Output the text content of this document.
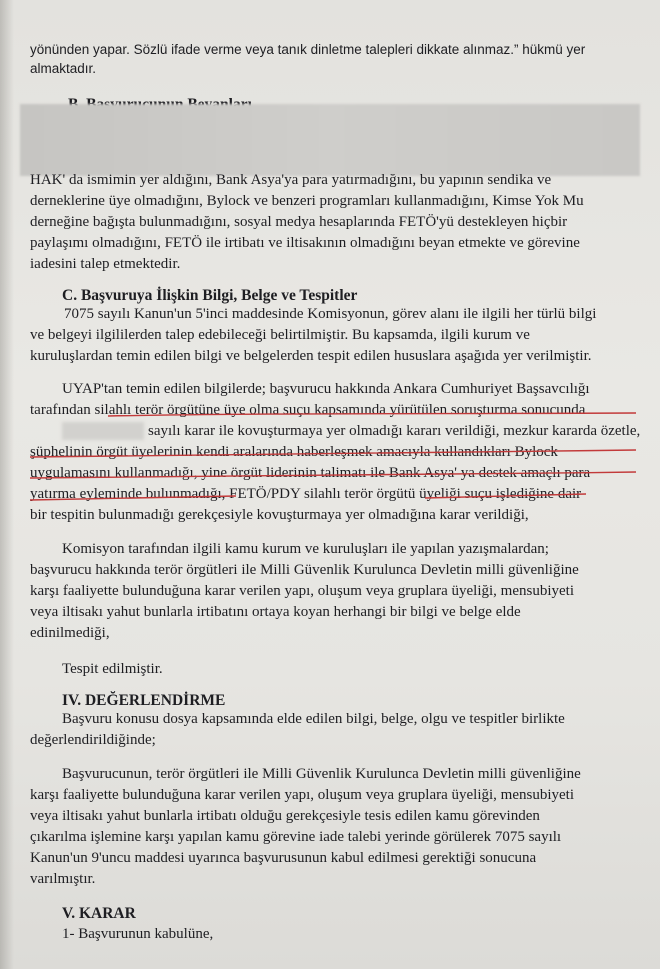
yönünden yapar. Sözlü ifade verme veya tanık dinletme talepleri dikkate alınmaz.” hükmü yer
almaktadır.
HAK' da ismimin yer aldığını, Bank Asya'ya para yatırmadığını, bu yapının sendika ve
derneklerine üye olmadığını, Bylock ve benzeri programları kullanmadığını, Kimse Yok Mu
derneğine bağışta bulunmadığını, sosyal medya hesaplarında FETÖ'yü destekleyen hiçbir
paylaşımı olmadığını, FETÖ ile irtibatı ve iltisakının olmadığını beyan etmekte ve görevine
iadesini talep etmektedir.
C. Başvuruya İlişkin Bilgi, Belge ve Tespitler
7075 sayılı Kanun'un 5'inci maddesinde Komisyonun, görev alanı ile ilgili her türlü bilgi
ve belgeyi ilgililerden talep edebileceği belirtilmiştir. Bu kapsamda, ilgili kurum ve
kuruluşlardan temin edilen bilgi ve belgelerden tespit edilen hususlara aşağıda yer verilmiştir.
UYAP'tan temin edilen bilgilerde; başvurucu hakkında Ankara Cumhuriyet Başsavcılığı
tarafından silahlı terör örgütüne üye olma suçu kapsamında yürütülen soruşturma sonucunda
sayılı karar ile kovuşturmaya yer olmadığı kararı verildiği, mezkur kararda özetle,
şüphelinin örgüt üyelerinin kendi aralarında haberleşmek amacıyla kullandıkları Bylock
uygulamasını kullanmadığı, yine örgüt liderinin talimatı ile Bank Asya' ya destek amaçlı para
yatırma eyleminde bulunmadığı, FETÖ/PDY silahlı terör örgütü üyeliği suçu işlediğine dair
bir tespitin bulunmadığı gerekçesiyle kovuşturmaya yer olmadığına karar verildiği,
Komisyon tarafından ilgili kamu kurum ve kuruluşları ile yapılan yazışmalardan;
başvurucu hakkında terör örgütleri ile Milli Güvenlik Kurulunca Devletin milli güvenliğine
karşı faaliyette bulunduğuna karar verilen yapı, oluşum veya gruplara üyeliği, mensubiyeti
veya iltisakı yahut bunlarla irtibatını ortaya koyan herhangi bir bilgi ve belge elde
edinilmediği,
Tespit edilmiştir.
IV. DEĞERLENDİRME
Başvuru konusu dosya kapsamında elde edilen bilgi, belge, olgu ve tespitler birlikte
değerlendirildiğinde;
Başvurucunun, terör örgütleri ile Milli Güvenlik Kurulunca Devletin milli güvenliğine
karşı faaliyette bulunduğuna karar verilen yapı, oluşum veya gruplara üyeliği, mensubiyeti
veya iltisakı yahut bunlarla irtibatı olduğu gerekçesiyle tesis edilen kamu görevinden
çıkarılma işlemine karşı yapılan kamu görevine iade talebi yerinde görülerek 7075 sayılı
Kanun'un 9'uncu maddesi uyarınca başvurusunun kabul edilmesi gerektiği sonucuna
varılmıştır.
V. KARAR
1- Başvurunun kabulüne,
